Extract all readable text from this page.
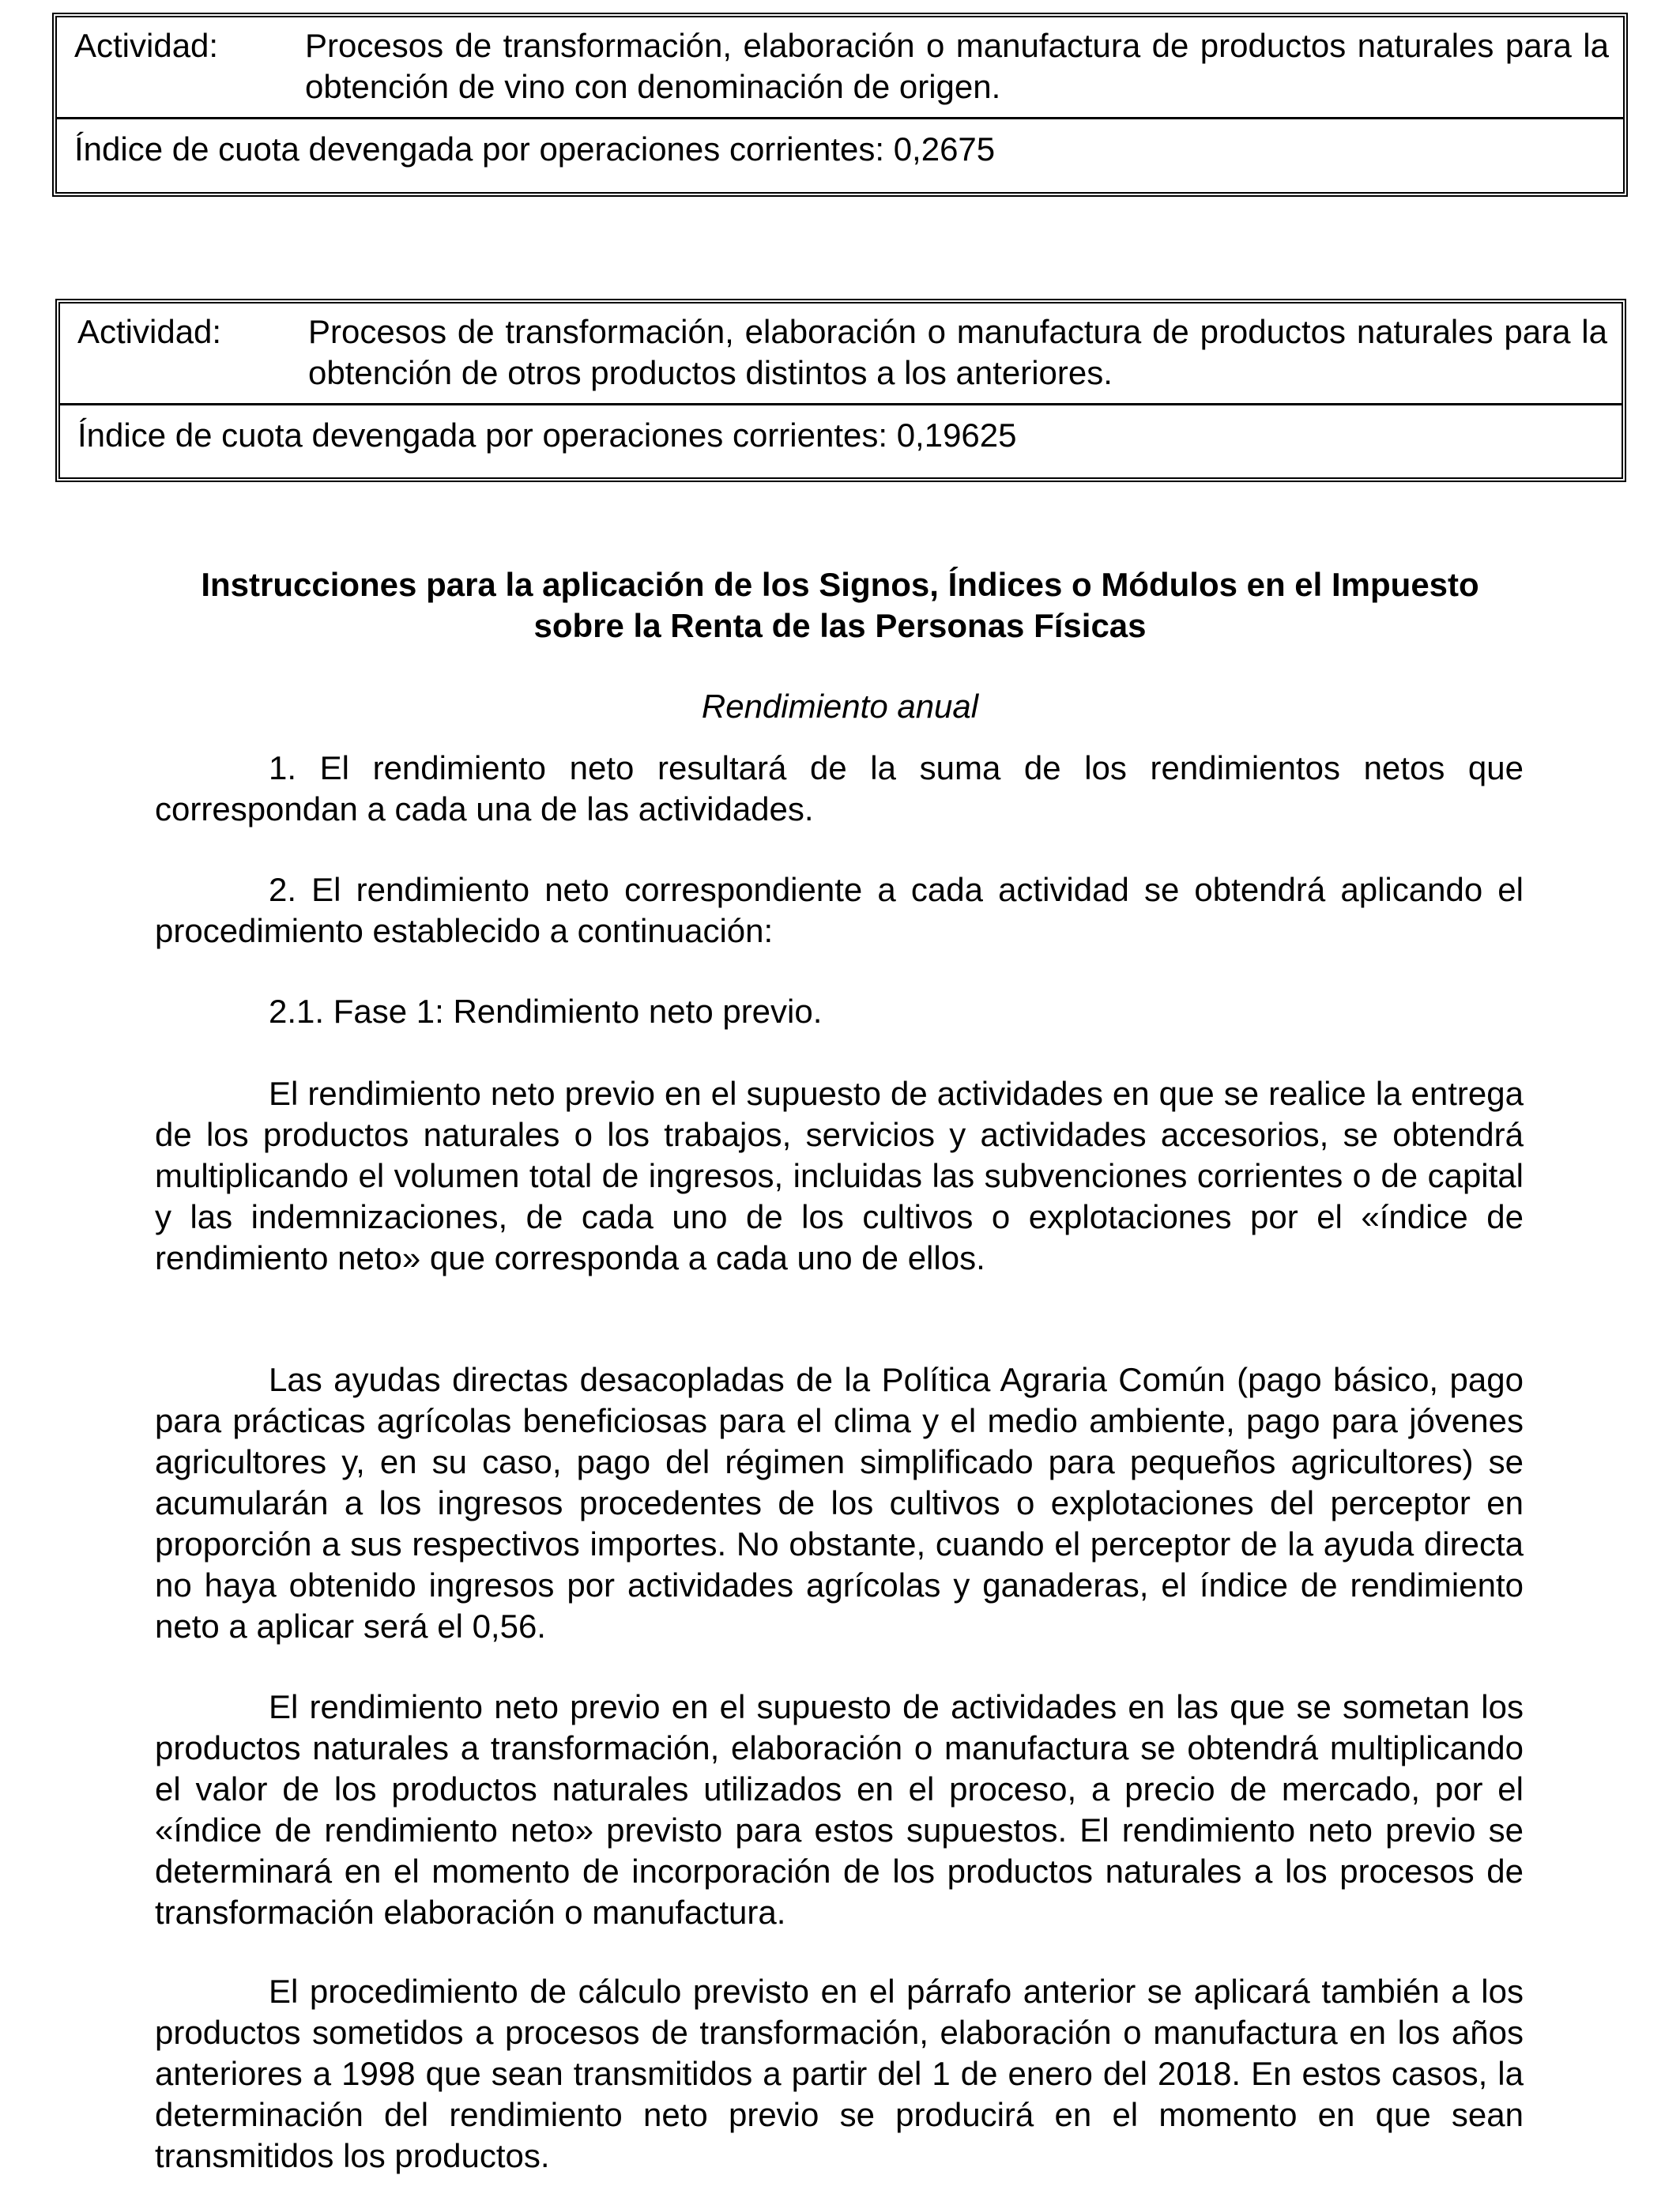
Actividad:	Procesos de transformación, elaboración o manufactura de productos naturales para la obtención de vino con denominación de origen.
Índice de cuota devengada por operaciones corrientes: 0,2675
Actividad:	Procesos de transformación, elaboración o manufactura de productos naturales para la obtención de otros productos distintos a los anteriores.
Índice de cuota devengada por operaciones corrientes: 0,19625
Instrucciones para la aplicación de los Signos, Índices o Módulos en el Impuesto
sobre la Renta de las Personas Físicas
Rendimiento anual

1. El rendimiento neto resultará de la suma de los rendimientos netos que correspondan a cada una de las actividades.

2. El rendimiento neto correspondiente a cada actividad se obtendrá aplicando el procedimiento establecido a continuación:

2.1. Fase 1: Rendimiento neto previo.

El rendimiento neto previo en el supuesto de actividades en que se realice la entrega de los productos naturales o los trabajos, servicios y actividades accesorios, se obtendrá multiplicando el volumen total de ingresos, incluidas las subvenciones corrientes o de capital y las indemnizaciones, de cada uno de los cultivos o explotaciones por el «índice de rendimiento neto» que corresponda a cada uno de ellos.

Las ayudas directas desacopladas de la Política Agraria Común (pago básico, pago para prácticas agrícolas beneficiosas para el clima y el medio ambiente, pago para jóvenes agricultores y, en su caso, pago del régimen simplificado para pequeños agricultores) se acumularán a los ingresos procedentes de los cultivos o explotaciones del perceptor en proporción a sus respectivos importes. No obstante, cuando el perceptor de la ayuda directa no haya obtenido ingresos por actividades agrícolas y ganaderas, el índice de rendimiento neto a aplicar será el 0,56.

El rendimiento neto previo en el supuesto de actividades en las que se sometan los productos naturales a transformación, elaboración o manufactura se obtendrá multiplicando el valor de los productos naturales utilizados en el proceso, a precio de mercado, por el «índice de rendimiento neto» previsto para estos supuestos. El rendimiento neto previo se determinará en el momento de incorporación de los productos naturales a los procesos de transformación elaboración o manufactura.

El procedimiento de cálculo previsto en el párrafo anterior se aplicará también a los productos sometidos a procesos de transformación, elaboración o manufactura en los años anteriores a 1998 que sean transmitidos a partir del 1 de enero del 2018. En estos casos, la determinación del rendimiento neto previo se producirá en el momento en que sean transmitidos los productos.
